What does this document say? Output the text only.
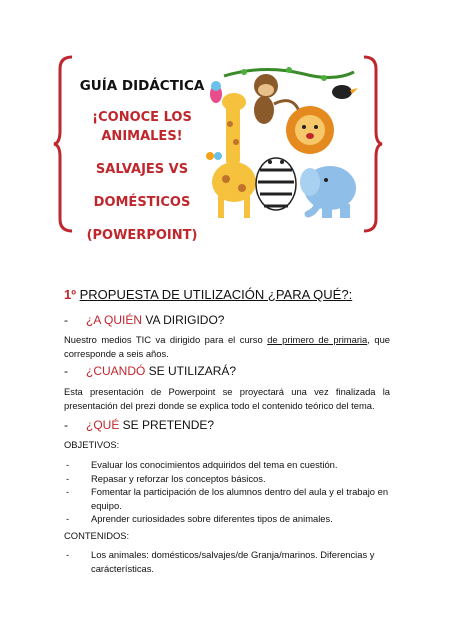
GUÍA DIDÁCTICA
¡CONOCE LOS
ANIMALES!
SALVAJES VS
DOMÉSTICOS
(POWERPOINT)
1º PROPUESTA DE UTILIZACIÓN ¿PARA QUÉ?:
- ¿A QUIÉN VA DIRIGIDO?
Nuestro medios TIC va dirigido para el curso de primero de primaria, que corresponde a seis años.
- ¿CUANDÓ SE UTILIZARÁ?
Esta presentación de Powerpoint se proyectará una vez finalizada la presentación del prezi donde se explica todo el contenido teórico del tema.
- ¿QUÉ SE PRETENDE?
OBJETIVOS:
- Evaluar los conocimientos adquiridos del tema en cuestión.
- Repasar y reforzar los conceptos básicos.
- Fomentar la participación de los alumnos dentro del aula y el trabajo en equipo.
- Aprender curiosidades sobre diferentes tipos de animales.
CONTENIDOS:
- Los animales: domésticos/salvajes/de Granja/marinos. Diferencias y carácterísticas.
